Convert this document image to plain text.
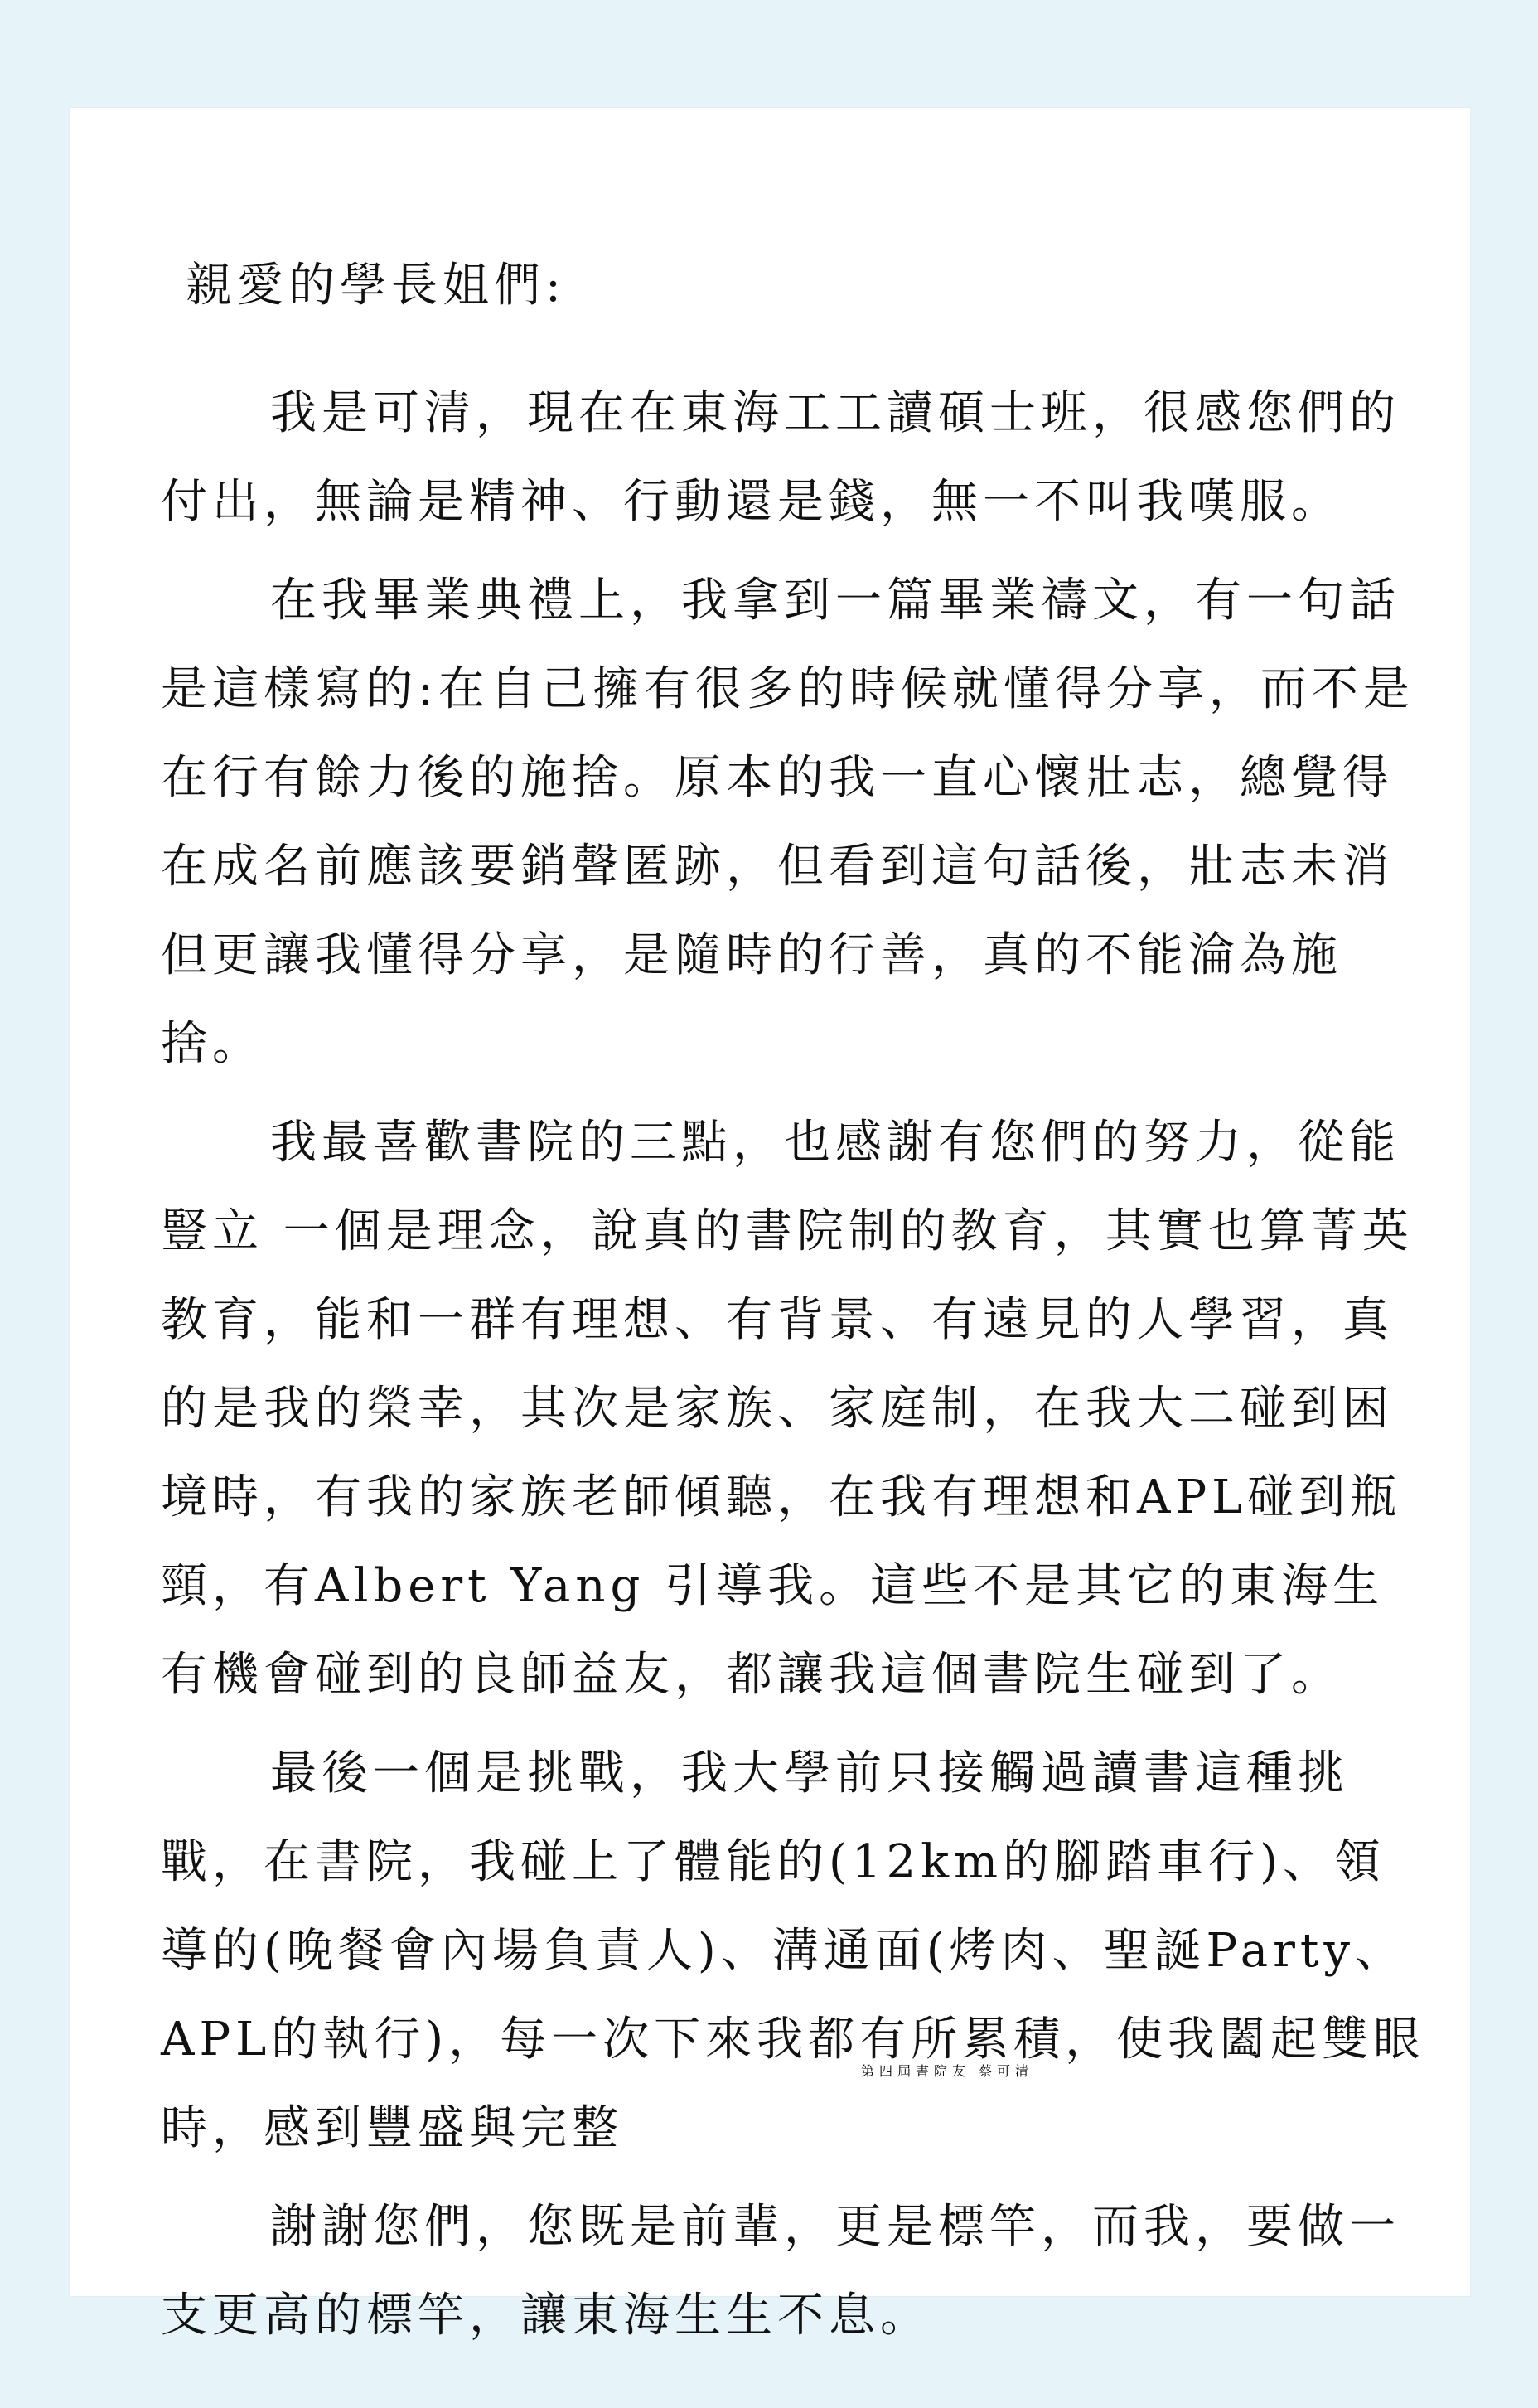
親愛的學長姐們:

我是可清，現在在東海工工讀碩士班，很感您們的付出，無論是精神、行動還是錢，無一不叫我嘆服。

在我畢業典禮上，我拿到一篇畢業禱文，有一句話是這樣寫的:在自己擁有很多的時候就懂得分享，而不是在行有餘力後的施捨。原本的我一直心懷壯志，總覺得在成名前應該要銷聲匿跡，但看到這句話後，壯志未消但更讓我懂得分享，是隨時的行善，真的不能淪為施捨。

我最喜歡書院的三點，也感謝有您們的努力，從能豎立 一個是理念，說真的書院制的教育，其實也算菁英教育，能和一群有理想、有背景、有遠見的人學習，真的是我的榮幸，其次是家族、家庭制，在我大二碰到困境時，有我的家族老師傾聽，在我有理想和APL碰到瓶頸，有Albert Yang 引導我。這些不是其它的東海生有機會碰到的良師益友，都讓我這個書院生碰到了。

最後一個是挑戰，我大學前只接觸過讀書這種挑戰，在書院，我碰上了體能的(12km的腳踏車行)、領導的(晚餐會內場負責人)、溝通面(烤肉、聖誕Party、APL的執行)，每一次下來我都有所累積，使我闔起雙眼時，感到豐盛與完整

謝謝您們，您既是前輩，更是標竿，而我，要做一支更高的標竿，讓東海生生不息。

第四屆書院友 蔡可清
